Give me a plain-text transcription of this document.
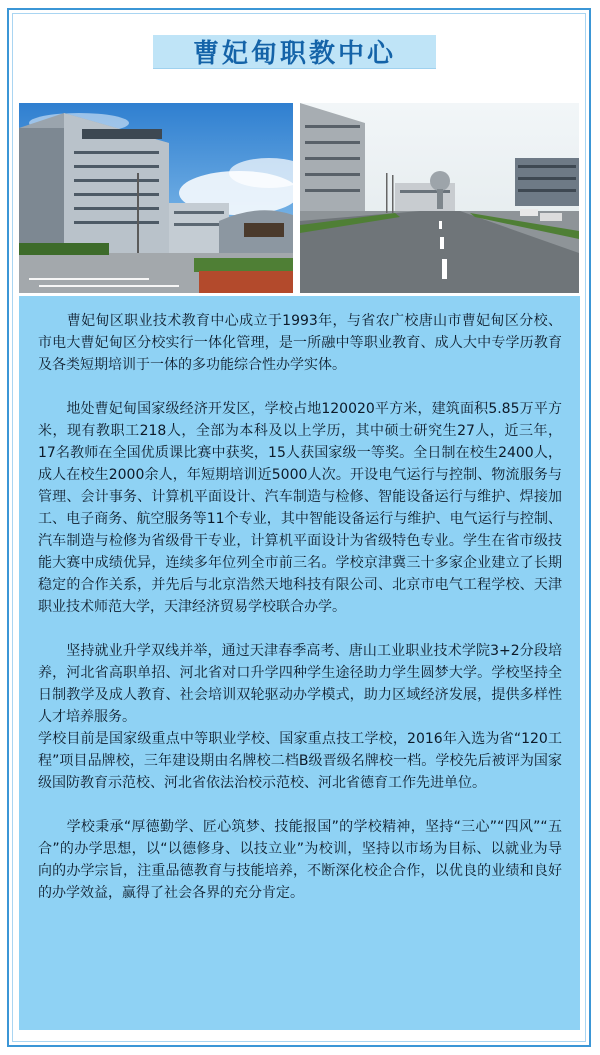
曹妃甸职教中心

　　曹妃甸区职业技术教育中心成立于1993年，与省农广校唐山市曹妃甸区分校、市电大曹妃甸区分校实行一体化管理，是一所融中等职业教育、成人大中专学历教育及各类短期培训于一体的多功能综合性办学实体。

　　地处曹妃甸国家级经济开发区，学校占地120020平方米，建筑面积5.85万平方米，现有教职工218人，全部为本科及以上学历，其中硕士研究生27人，近三年，17名教师在全国优质课比赛中获奖，15人获国家级一等奖。全日制在校生2400人，成人在校生2000余人，年短期培训近5000人次。开设电气运行与控制、物流服务与管理、会计事务、计算机平面设计、汽车制造与检修、智能设备运行与维护、焊接加工、电子商务、航空服务等11个专业，其中智能设备运行与维护、电气运行与控制、汽车制造与检修为省级骨干专业，计算机平面设计为省级特色专业。学生在省市级技能大赛中成绩优异，连续多年位列全市前三名。学校京津冀三十多家企业建立了长期稳定的合作关系，并先后与北京浩然天地科技有限公司、北京市电气工程学校、天津职业技术师范大学，天津经济贸易学校联合办学。

　　坚持就业升学双线并举，通过天津春季高考、唐山工业职业技术学院3+2分段培养，河北省高职单招、河北省对口升学四种学生途径助力学生圆梦大学。学校坚持全日制教学及成人教育、社会培训双轮驱动办学模式，助力区域经济发展，提供多样性人才培养服务。

学校目前是国家级重点中等职业学校、国家重点技工学校，2016年入选为省“120工程”项目品牌校，三年建设期由名牌校二档B级晋级名牌校一档。学校先后被评为国家级国防教育示范校、河北省依法治校示范校、河北省德育工作先进单位。

　　学校秉承“厚德勤学、匠心筑梦、技能报国”的学校精神，坚持“三心”“四风”“五合”的办学思想，以“以德修身、以技立业”为校训，坚持以市场为目标、以就业为导向的办学宗旨，注重品德教育与技能培养，不断深化校企合作，以优良的业绩和良好的办学效益，赢得了社会各界的充分肯定。
